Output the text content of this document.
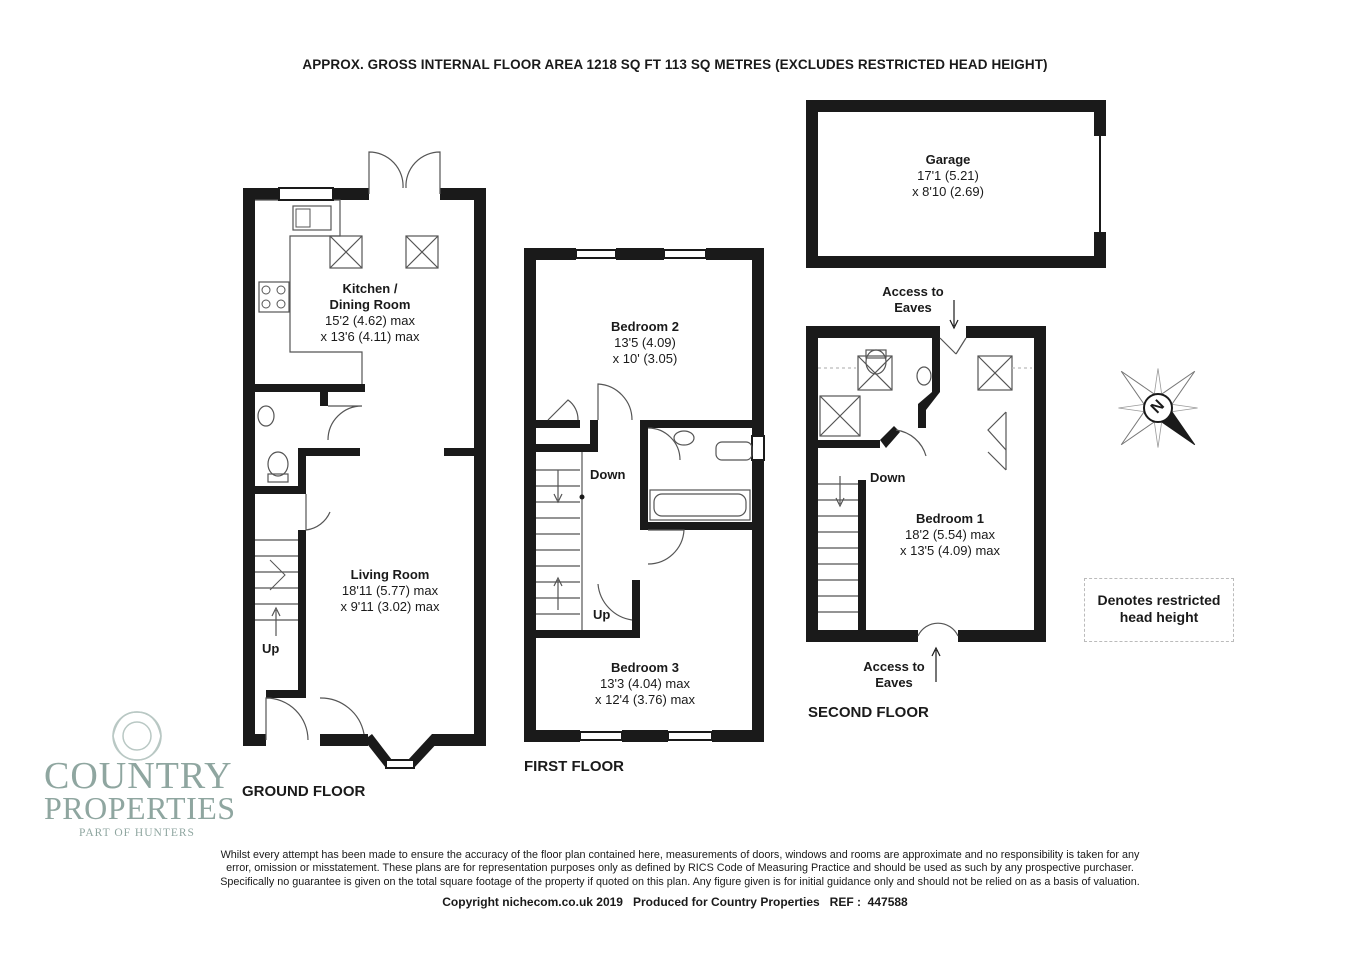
APPROX. GROSS INTERNAL FLOOR AREA 1218 SQ FT 113 SQ METRES (EXCLUDES RESTRICTED HEAD HEIGHT)
N
Kitchen /
Dining Room
15'2 (4.62) max
x 13'6 (4.11) max
Living Room
18'11 (5.77) max
x 9'11 (3.02) max
Bedroom 2
13'5 (4.09)
x 10' (3.05)
Bedroom 3
13'3 (4.04) max
x 12'4 (3.76) max
Garage
17'1 (5.21)
x 8'10 (2.69)
Bedroom 1
18'2 (5.54) max
x 13'5 (4.09) max
Up
Down
Up
Down
Access to
Eaves
Access to
Eaves
GROUND FLOOR
FIRST FLOOR
SECOND FLOOR
Denotes restricted
head height
COUNTRY
PROPERTIES
PART OF HUNTERS
Whilst every attempt has been made to ensure the accuracy of the floor plan contained here, measurements of doors, windows and rooms are approximate and no responsibility is taken for any
error, omission or misstatement. These plans are for representation purposes only as defined by RICS Code of Measuring Practice and should be used as such by any prospective purchaser.
Specifically no guarantee is given on the total square footage of the property if quoted on this plan. Any figure given is for initial guidance only and should not be relied on as a basis of valuation.
Copyright nichecom.co.uk 2019   Produced for Country Properties   REF :  447588
